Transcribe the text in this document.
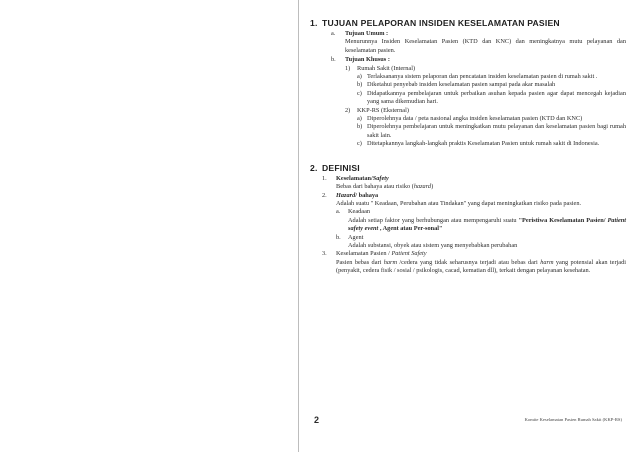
1. TUJUAN PELAPORAN INSIDEN KESELAMATAN PASIEN
a.	Tujuan Umum :
Menurunnya Insiden Keselamatan Pasien (KTD dan KNC) dan meningkatnya mutu pelayanan dan keselamatan pasien.
b.	Tujuan Khusus :
1)	Rumah Sakit (Internal)
a) Terlaksananya sistem pelaporan dan pencatatan insiden keselamatan pasien di rumah sakit .
b) Diketahui penyebab insiden keselamatan pasien sampai pada akar masalah
c) Didapatkannya pembelajaran untuk perbaikan asuhan kepada pasien agar dapat mencegah kejadian yang sama dikemudian hari.
2)	KKP-RS (Eksternal)
a) Diperolehnya data / peta nasional angka insiden keselamatan pasien (KTD dan KNC)
b) Diperolehnya pembelajaran untuk meningkatkan mutu pelayanan dan keselamatan pasien bagi rumah sakit lain.
c) Ditetapkannya langkah-langkah praktis Keselamatan Pasien untuk rumah sakit di Indonesia.
2. DEFINISI
1.	Keselamatan/Safety
Bebas dari bahaya atau risiko (hazard)
2.	Hazard/ bahaya
Adalah suatu " Keadaan, Perubahan atau Tindakan" yang dapat meningkatkan risiko pada pasien.
a.	Keadaan
Adalah setiap faktor yang berhubungan atau mempengaruhi suatu "Peristiwa Keselamatan Pasien/ Patient safety event , Agent atau Per-sonal"
b.	Agent
Adalah substansi, obyek atau sistem yang menyebabkan perubahan
3.	Keselamatan Pasien / Patient Safety
Pasien bebas dari harm /cedera yang tidak seharusnya terjadi atau bebas dari harm yang potensial akan terjadi (penyakit, cedera fisik / sosial / psikologis, cacad, kematian dll), terkait dengan pelayanan kesehatan.
2	Komite Keselamatan Pasien Rumah Sakit (KKP-RS)
